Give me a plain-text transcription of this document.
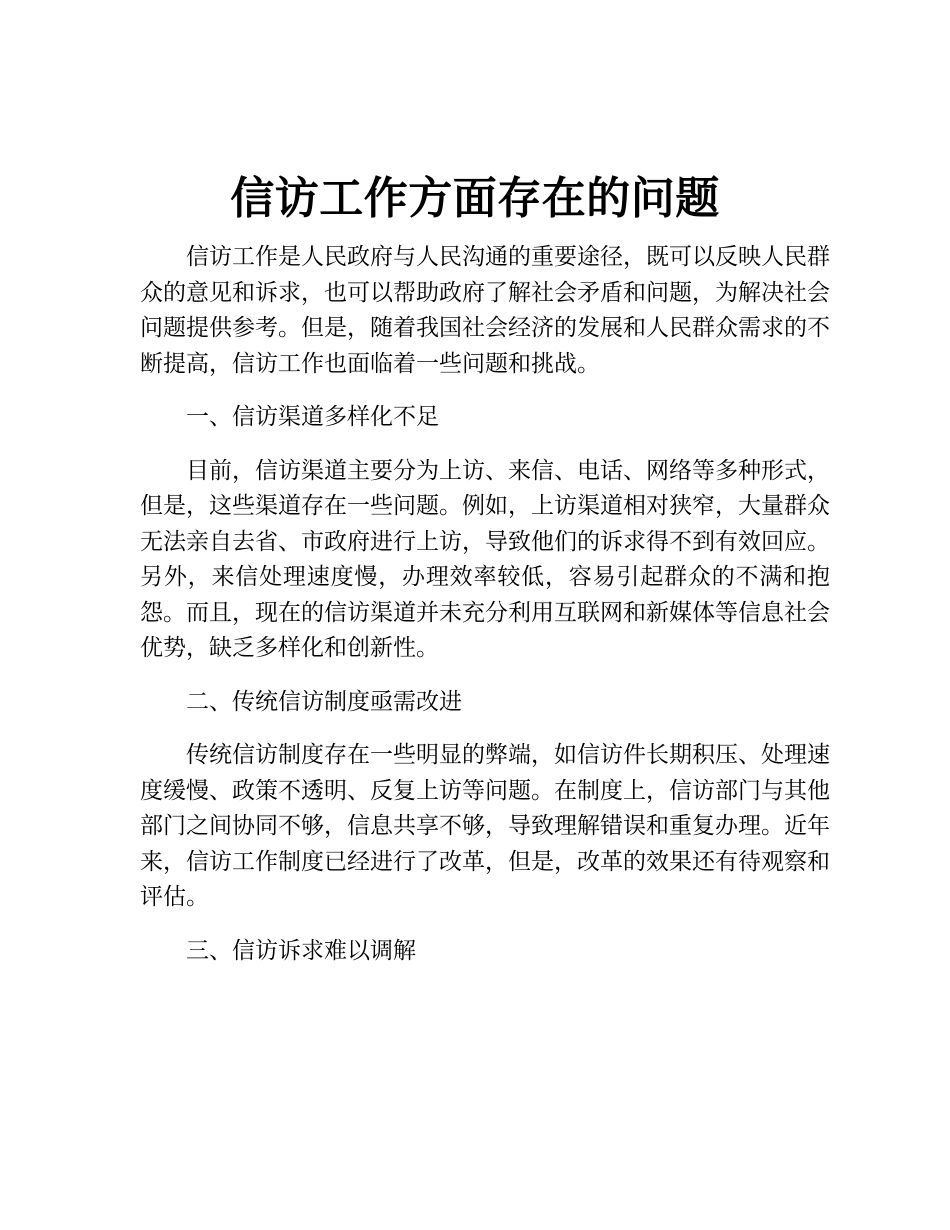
信访工作方面存在的问题

信访工作是人民政府与人民沟通的重要途径，既可以反映人民群众的意见和诉求，也可以帮助政府了解社会矛盾和问题，为解决社会问题提供参考。但是，随着我国社会经济的发展和人民群众需求的不断提高，信访工作也面临着一些问题和挑战。

一、信访渠道多样化不足

目前，信访渠道主要分为上访、来信、电话、网络等多种形式，但是，这些渠道存在一些问题。例如，上访渠道相对狭窄，大量群众无法亲自去省、市政府进行上访，导致他们的诉求得不到有效回应。另外，来信处理速度慢，办理效率较低，容易引起群众的不满和抱怨。而且，现在的信访渠道并未充分利用互联网和新媒体等信息社会优势，缺乏多样化和创新性。

二、传统信访制度亟需改进

传统信访制度存在一些明显的弊端，如信访件长期积压、处理速度缓慢、政策不透明、反复上访等问题。在制度上，信访部门与其他部门之间协同不够，信息共享不够，导致理解错误和重复办理。近年来，信访工作制度已经进行了改革，但是，改革的效果还有待观察和评估。

三、信访诉求难以调解
